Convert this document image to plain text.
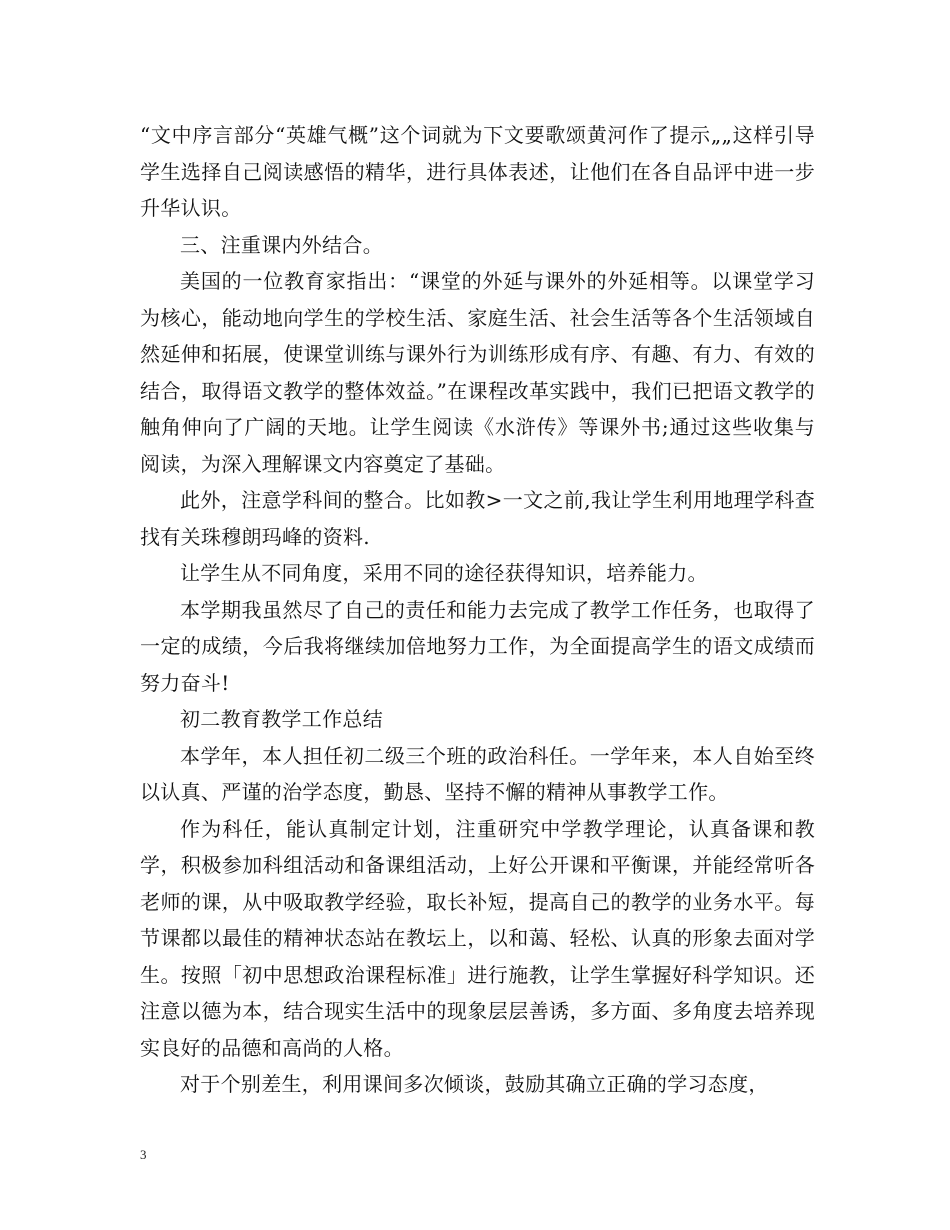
“文中序言部分“英雄气概”这个词就为下文要歌颂黄河作了提示„„这样引导学生选择自己阅读感悟的精华，进行具体表述，让他们在各自品评中进一步升华认识。

三、注重课内外结合。

美国的一位教育家指出：“课堂的外延与课外的外延相等。以课堂学习为核心，能动地向学生的学校生活、家庭生活、社会生活等各个生活领域自然延伸和拓展，使课堂训练与课外行为训练形成有序、有趣、有力、有效的结合，取得语文教学的整体效益。”在课程改革实践中，我们已把语文教学的触角伸向了广阔的天地。让学生阅读《水浒传》等课外书;通过这些收集与阅读，为深入理解课文内容奠定了基础。

此外，注意学科间的整合。比如教>一文之前,我让学生利用地理学科查找有关珠穆朗玛峰的资料.

让学生从不同角度，采用不同的途径获得知识，培养能力。

本学期我虽然尽了自己的责任和能力去完成了教学工作任务，也取得了一定的成绩，今后我将继续加倍地努力工作，为全面提高学生的语文成绩而努力奋斗!

初二教育教学工作总结

本学年，本人担任初二级三个班的政治科任。一学年来，本人自始至终以认真、严谨的治学态度，勤恳、坚持不懈的精神从事教学工作。

作为科任，能认真制定计划，注重研究中学教学理论，认真备课和教学，积极参加科组活动和备课组活动，上好公开课和平衡课，并能经常听各老师的课，从中吸取教学经验，取长补短，提高自己的教学的业务水平。每节课都以最佳的精神状态站在教坛上，以和蔼、轻松、认真的形象去面对学生。按照「初中思想政治课程标准」进行施教，让学生掌握好科学知识。还注意以德为本，结合现实生活中的现象层层善诱，多方面、多角度去培养现实良好的品德和高尚的人格。

对于个别差生，利用课间多次倾谈，鼓励其确立正确的学习态度，

3
